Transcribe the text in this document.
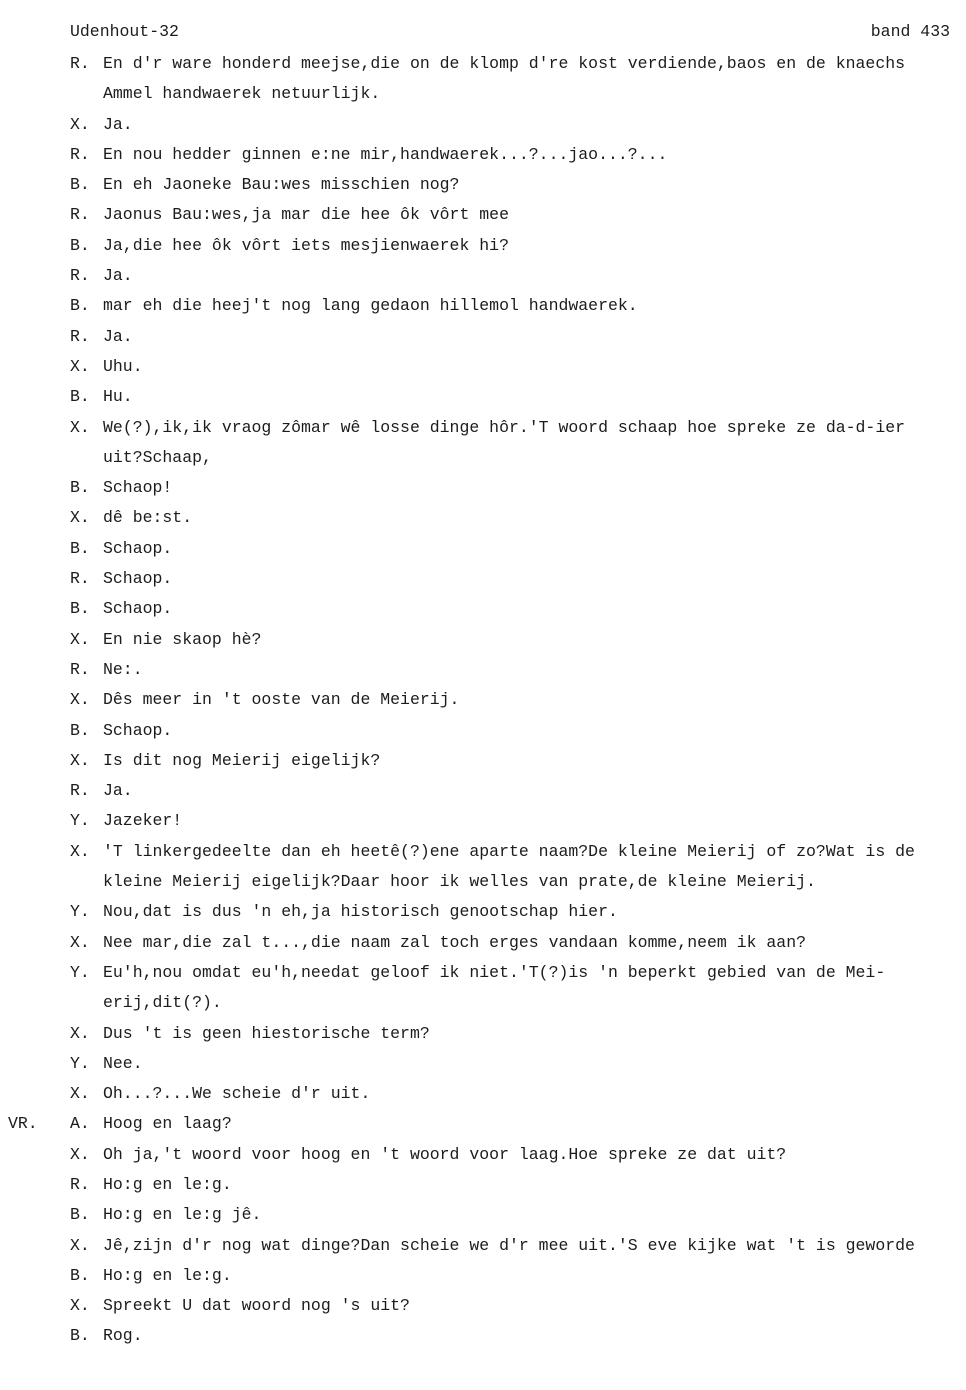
Udenhout-32	band 433
R. En d'r ware honderd meejse,die on de klomp d're kost verdiende,baos en de knaechs
Ammel handwaerek netuurlijk.
X. Ja.
R. En nou hedder ginnen e:ne mir,handwaerek...?...jao...?...
B. En eh Jaoneke Bau:wes misschien nog?
R. Jaonus Bau:wes,ja mar die hee ôk vôrt mee
B. Ja,die hee ôk vôrt iets mesjienwaerek hi?
R. Ja.
B. mar eh die heej't nog lang gedaon hillemol handwaerek.
R. Ja.
X. Uhu.
B. Hu.
X. We(?),ik,ik vraog zômar wê losse dinge hôr.'T woord schaap hoe spreke ze da-d-ier
uit?Schaap,
B. Schaop!
X. dê be:st.
B. Schaop.
R. Schaop.
B. Schaop.
X. En nie skaop hè?
R. Ne:.
X. Dês meer in 't ooste van de Meierij.
B. Schaop.
X. Is dit nog Meierij eigelijk?
R. Ja.
Y. Jazeker!
X. 'T linkergedeelte dan eh heetê(?)ene aparte naam?De kleine Meierij of zo?Wat is de
kleine Meierij eigelijk?Daar hoor ik welles van prate,de kleine Meierij.
Y. Nou,dat is dus 'n eh,ja historisch genootschap hier.
X. Nee mar,die zal t...,die naam zal toch erges vandaan komme,neem ik aan?
Y. Eu'h,nou omdat eu'h,needat geloof ik niet.'T(?)is 'n beperkt gebied van de Mei-
erij,dit(?).
X. Dus 't is geen hiestorische term?
Y. Nee.
X. Oh...?...We scheie d'r uit.
VR. A. Hoog en laag?
X. Oh ja,'t woord voor hoog en 't woord voor laag.Hoe spreke ze dat uit?
R. Ho:g en le:g.
B. Ho:g en le:g jê.
X. Jê,zijn d'r nog wat dinge?Dan scheie we d'r mee uit.'S eve kijke wat 't is geworde
B. Ho:g en le:g.
X. Spreekt U dat woord nog 's uit?
B. Rog.
